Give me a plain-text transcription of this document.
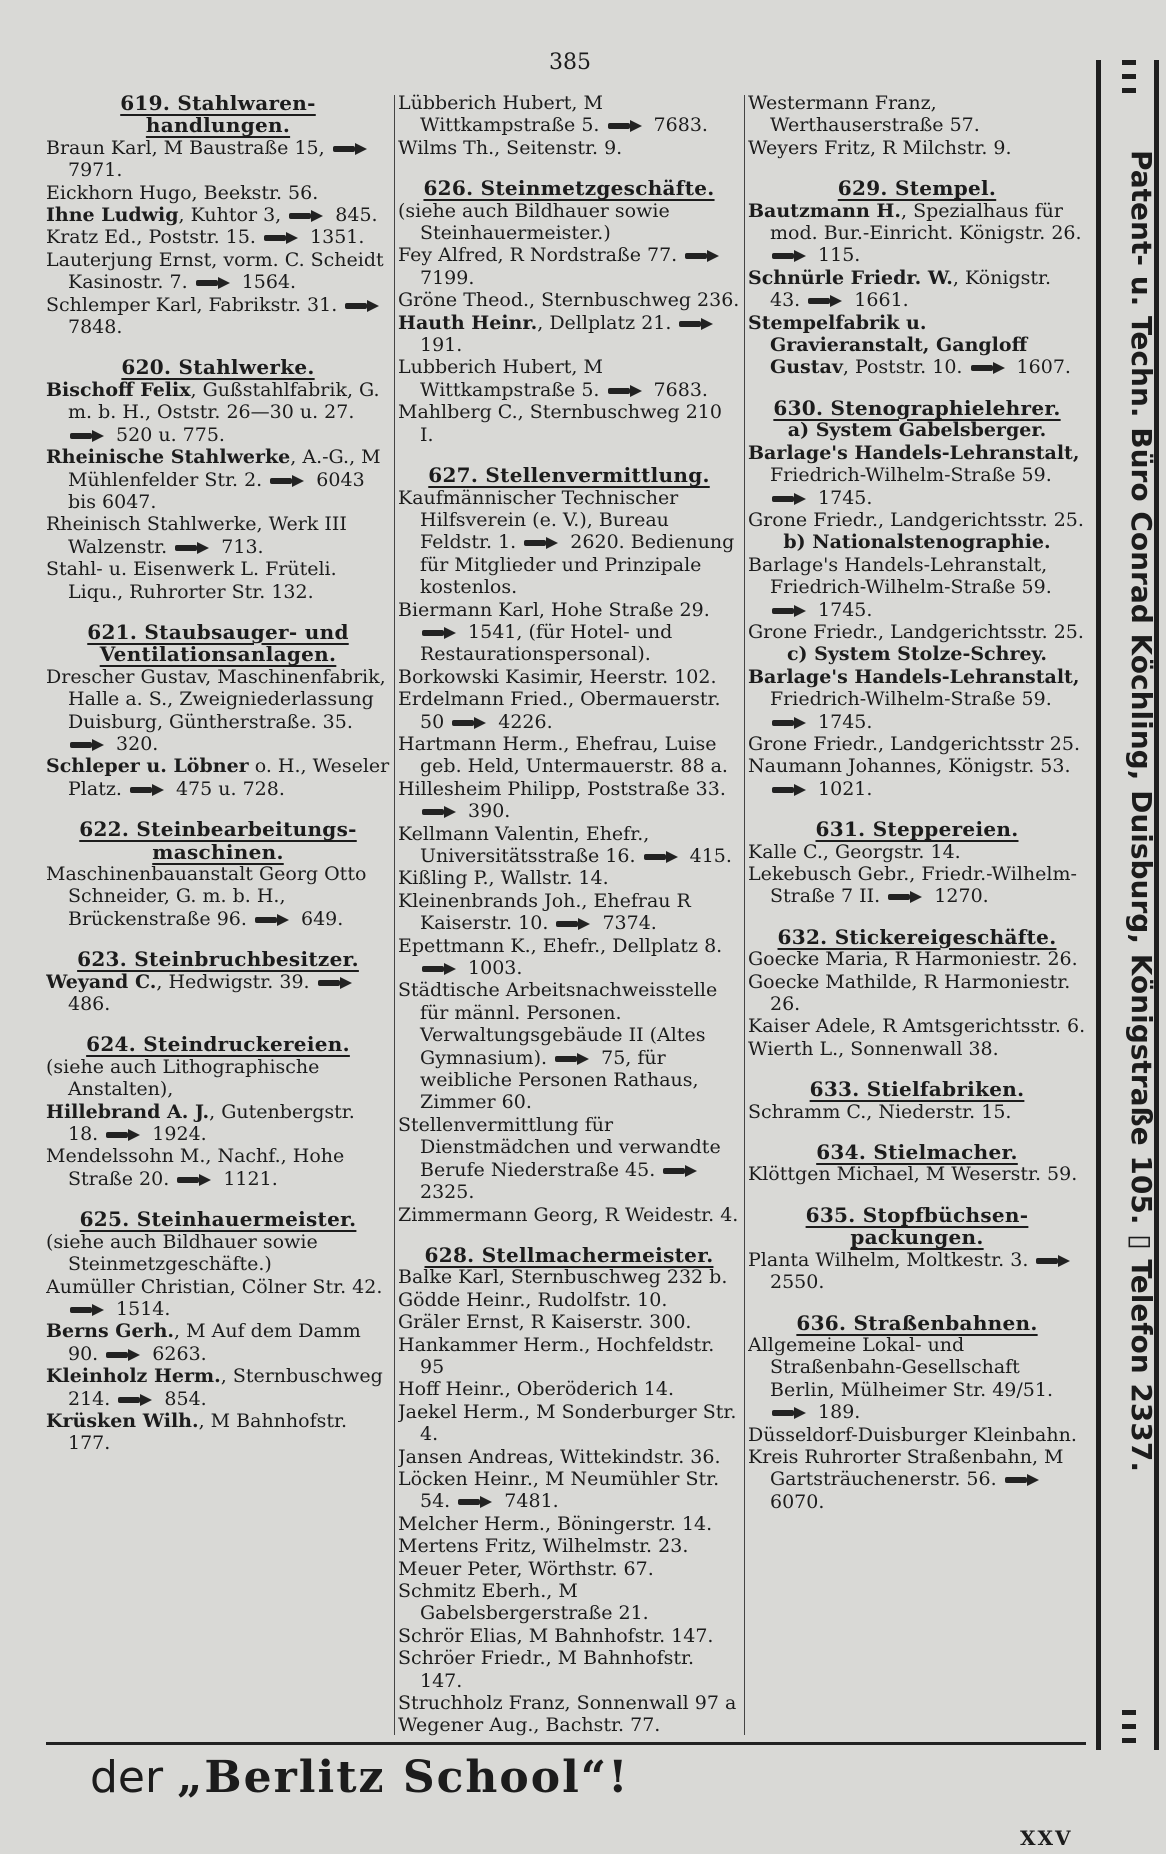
385

619. Stahlwaren-

handlungen.

Braun Karl, M Baustraße 15,  7971.

Eickhorn Hugo, Beekstr. 56.

Ihne Ludwig, Kuhtor 3,  845.

Kratz Ed., Poststr. 15.  1351.

Lauterjung Ernst, vorm. C. Scheidt Kasinostr. 7.  1564.

Schlemper Karl, Fabrikstr. 31.  7848.

620. Stahlwerke.

Bischoff Felix, Gußstahlfabrik, G. m. b. H., Oststr. 26—30 u. 27.  520 u. 775.

Rheinische Stahlwerke, A.-G., M Mühlenfelder Str. 2.  6043 bis 6047.

Rheinisch Stahlwerke, Werk III Walzenstr.  713.

Stahl- u. Eisenwerk L. Früteli. Liqu., Ruhrorter Str. 132.

621. Staubsauger- und

Ventilationsanlagen.

Drescher Gustav, Maschinenfabrik, Halle a. S., Zweigniederlassung Duisburg, Güntherstraße. 35.  320.

Schleper u. Löbner o. H., Weseler Platz.  475 u. 728.

622. Steinbearbeitungs-

maschinen.

Maschinenbauanstalt Georg Otto Schneider, G. m. b. H., Brückenstraße 96.  649.

623. Steinbruchbesitzer.

Weyand C., Hedwigstr. 39.  486.

624. Steindruckereien.

(siehe auch Lithographische Anstalten),

Hillebrand A. J., Gutenbergstr. 18.  1924.

Mendelssohn M., Nachf., Hohe Straße 20.  1121.

625. Steinhauermeister.

(siehe auch Bildhauer sowie Steinmetzgeschäfte.)

Aumüller Christian, Cölner Str. 42.  1514.

Berns Gerh., M Auf dem Damm 90.  6263.

Kleinholz Herm., Sternbuschweg 214.  854.

Krüsken Wilh., M Bahnhofstr. 177.

Lübberich Hubert, M Wittkampstraße 5.  7683.

Wilms Th., Seitenstr. 9.

626. Steinmetzgeschäfte.

(siehe auch Bildhauer sowie Steinhauermeister.)

Fey Alfred, R Nordstraße 77.  7199.

Gröne Theod., Sternbuschweg 236.

Hauth Heinr., Dellplatz 21.  191.

Lubberich Hubert, M Wittkampstraße 5.  7683.

Mahlberg C., Sternbuschweg 210 I.

627. Stellenvermittlung.

Kaufmännischer Technischer Hilfsverein (e. V.), Bureau Feldstr. 1.  2620. Bedienung für Mitglieder und Prinzipale kostenlos.

Biermann Karl, Hohe Straße 29.  1541, (für Hotel- und Restaurationspersonal).

Borkowski Kasimir, Heerstr. 102.

Erdelmann Fried., Obermauerstr. 50  4226.

Hartmann Herm., Ehefrau, Luise geb. Held, Untermauerstr. 88 a.

Hillesheim Philipp, Poststraße 33.  390.

Kellmann Valentin, Ehefr., Universitätsstraße 16.  415.

Kißling P., Wallstr. 14.

Kleinenbrands Joh., Ehefrau R Kaiserstr. 10.  7374.

Epettmann K., Ehefr., Dellplatz 8.  1003.

Städtische Arbeitsnachweisstelle für männl. Personen. Verwaltungsgebäude II (Altes Gymnasium).  75, für weibliche Personen Rathaus, Zimmer 60.

Stellenvermittlung für Dienstmädchen und verwandte Berufe Niederstraße 45.  2325.

Zimmermann Georg, R Weidestr. 4.

628. Stellmachermeister.

Balke Karl, Sternbuschweg 232 b.

Gödde Heinr., Rudolfstr. 10.

Gräler Ernst, R Kaiserstr. 300.

Hankammer Herm., Hochfeldstr. 95

Hoff Heinr., Oberöderich 14.

Jaekel Herm., M Sonderburger Str. 4.

Jansen Andreas, Wittekindstr. 36.

Löcken Heinr., M Neumühler Str. 54.  7481.

Melcher Herm., Böningerstr. 14.

Mertens Fritz, Wilhelmstr. 23.

Meuer Peter, Wörthstr. 67.

Schmitz Eberh., M Gabelsbergerstraße 21.

Schrör Elias, M Bahnhofstr. 147.

Schröer Friedr., M Bahnhofstr. 147.

Struchholz Franz, Sonnenwall 97 a

Wegener Aug., Bachstr. 77.

Westermann Franz, Werthauserstraße 57.

Weyers Fritz, R Milchstr. 9.

629. Stempel.

Bautzmann H., Spezialhaus für mod. Bur.-Einricht. Königstr. 26.  115.

Schnürle Friedr. W., Königstr. 43.  1661.

Stempelfabrik u. Gravieranstalt, Gangloff Gustav, Poststr. 10.  1607.

630. Stenographielehrer.

a) System Gabelsberger.

Barlage's Handels-Lehranstalt, Friedrich-Wilhelm-Straße 59.  1745.

Grone Friedr., Landgerichtsstr. 25.

b) Nationalstenographie.

Barlage's Handels-Lehranstalt, Friedrich-Wilhelm-Straße 59.  1745.

Grone Friedr., Landgerichtsstr. 25.

c) System Stolze-Schrey.

Barlage's Handels-Lehranstalt, Friedrich-Wilhelm-Straße 59.  1745.

Grone Friedr., Landgerichtsstr 25.

Naumann Johannes, Königstr. 53.  1021.

631. Steppereien.

Kalle C., Georgstr. 14.

Lekebusch Gebr., Friedr.-Wilhelm-Straße 7 II.  1270.

632. Stickereigeschäfte.

Goecke Maria, R Harmoniestr. 26.

Goecke Mathilde, R Harmoniestr. 26.

Kaiser Adele, R Amtsgerichtsstr. 6.

Wierth L., Sonnenwall 38.

633. Stielfabriken.

Schramm C., Niederstr. 15.

634. Stielmacher.

Klöttgen Michael, M Weserstr. 59.

635. Stopfbüchsen-

packungen.

Planta Wilhelm, Moltkestr. 3.  2550.

636. Straßenbahnen.

Allgemeine Lokal- und Straßenbahn-Gesellschaft Berlin, Mülheimer Str. 49/51.  189.

Düsseldorf-Duisburger Kleinbahn.

Kreis Ruhrorter Straßenbahn, M Gartsträuchenerstr. 56.  6070.

der „Berlitz School“!
XXV
Patent- u. Techn. Büro Conrad Köchling, Duisburg, Königstraße 105. ▯ Telefon 2337.
